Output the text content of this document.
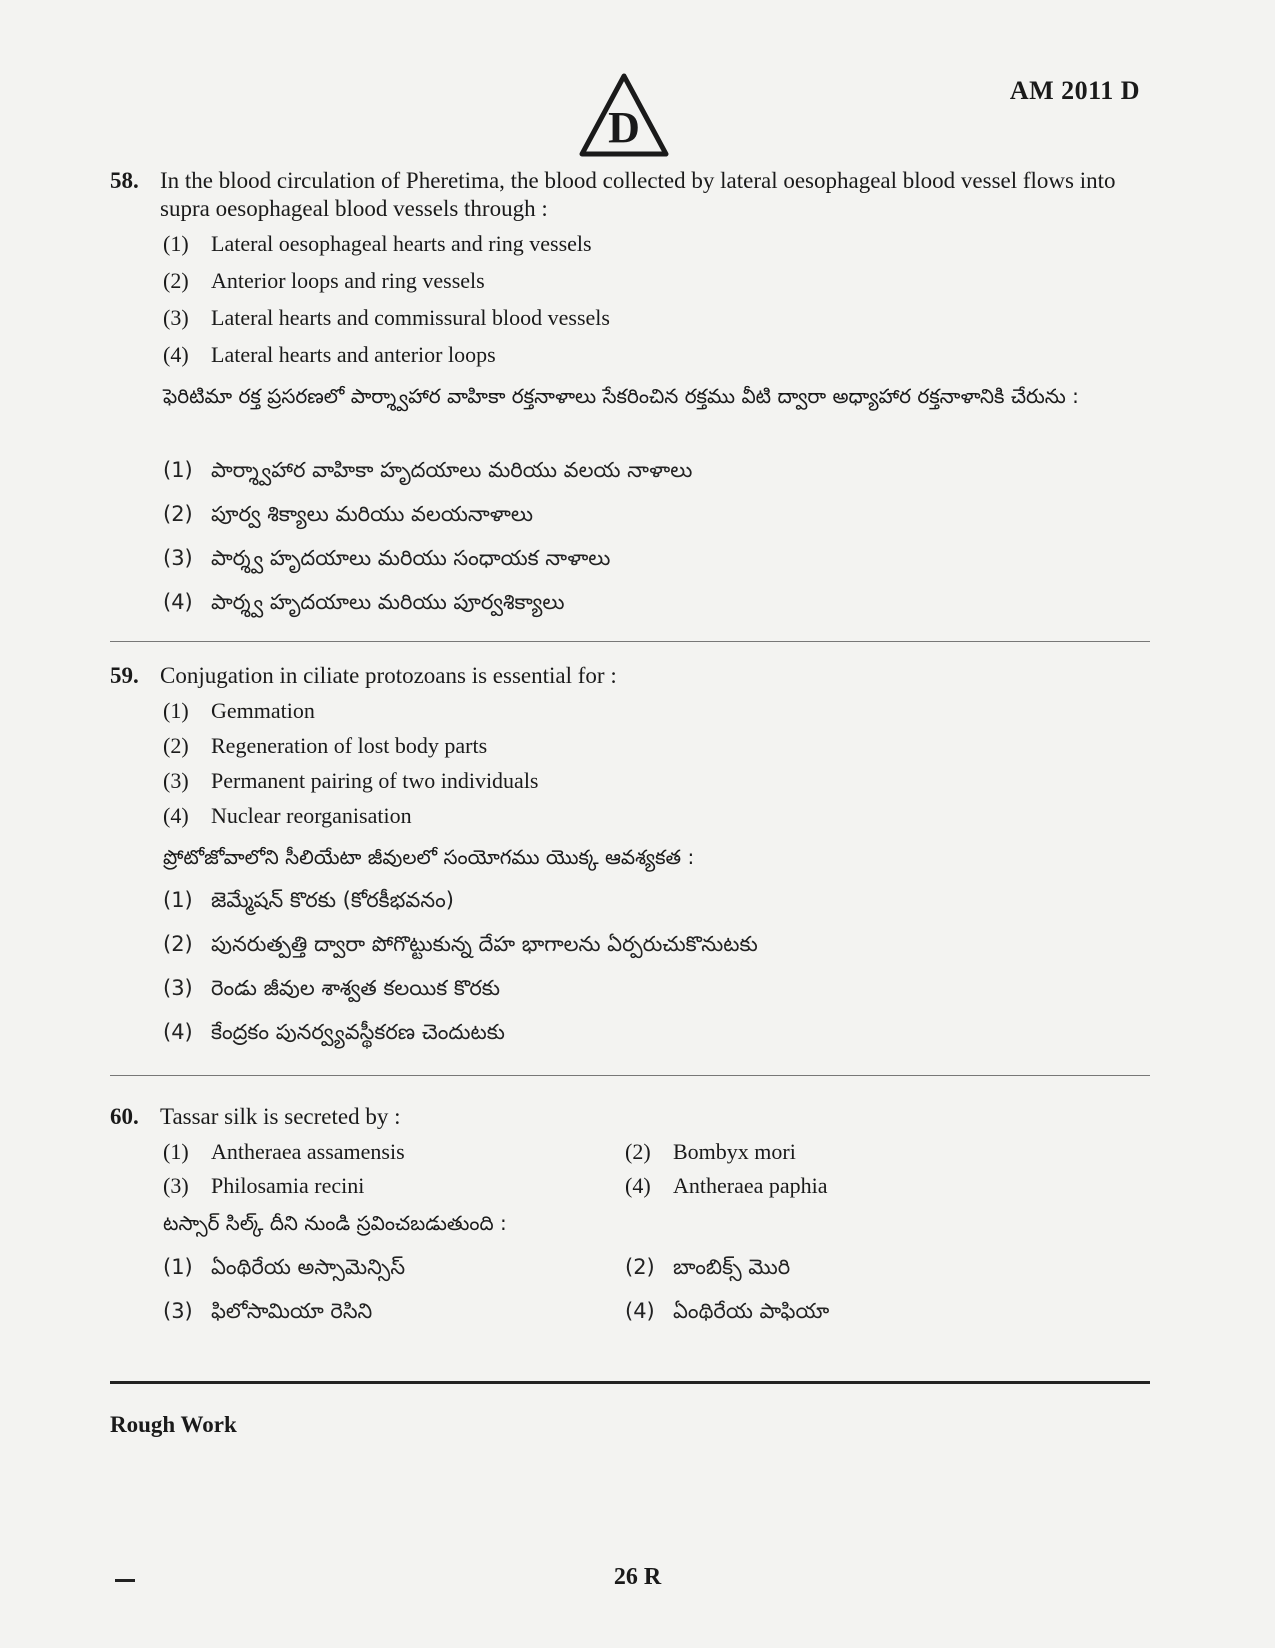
D
AM 2011 D
58. In the blood circulation of Pheretima, the blood collected by lateral oesophageal blood vessel flows into supra oesophageal blood vessels through :
(1) Lateral oesophageal hearts and ring vessels
(2) Anterior loops and ring vessels
(3) Lateral hearts and commissural blood vessels
(4) Lateral hearts and anterior loops
ఫెరిటిమా రక్త ప్రసరణలో పార్శ్వాహార వాహికా రక్తనాళాలు సేకరించిన రక్తము వీటి ద్వారా అధ్యాహార రక్తనాళానికి చేరును :
(1) పార్శ్వాహార వాహికా హృదయాలు మరియు వలయ నాళాలు
(2) పూర్వ శిక్యాలు మరియు వలయనాళాలు
(3) పార్శ్వ హృదయాలు మరియు సంధాయక నాళాలు
(4) పార్శ్వ హృదయాలు మరియు పూర్వశిక్యాలు
59. Conjugation in ciliate protozoans is essential for :
(1) Gemmation
(2) Regeneration of lost body parts
(3) Permanent pairing of two individuals
(4) Nuclear reorganisation
ప్రోటోజోవాలోని సీలియేటా జీవులలో సంయోగము యొక్క ఆవశ్యకత :
(1) జెమ్మేషన్ కొరకు (కోరకీభవనం)
(2) పునరుత్పత్తి ద్వారా పోగొట్టుకున్న దేహ భాగాలను ఏర్పరుచుకొనుటకు
(3) రెండు జీవుల శాశ్వత కలయిక కొరకు
(4) కేంద్రకం పునర్వ్యవస్థీకరణ చెందుటకు
60. Tassar silk is secreted by :
(1) Antheraea assamensis	(2) Bombyx mori
(3) Philosamia recini	(4) Antheraea paphia
టస్సార్ సిల్క్ దీని నుండి స్రవించబడుతుంది :
(1) ఏంథిరేయ అస్సామెన్సిస్	(2) బాంబిక్స్ మొరి
(3) ఫిలోసామియా రెసిని	(4) ఏంథిరేయ పాఫియా
Rough Work
26 R
